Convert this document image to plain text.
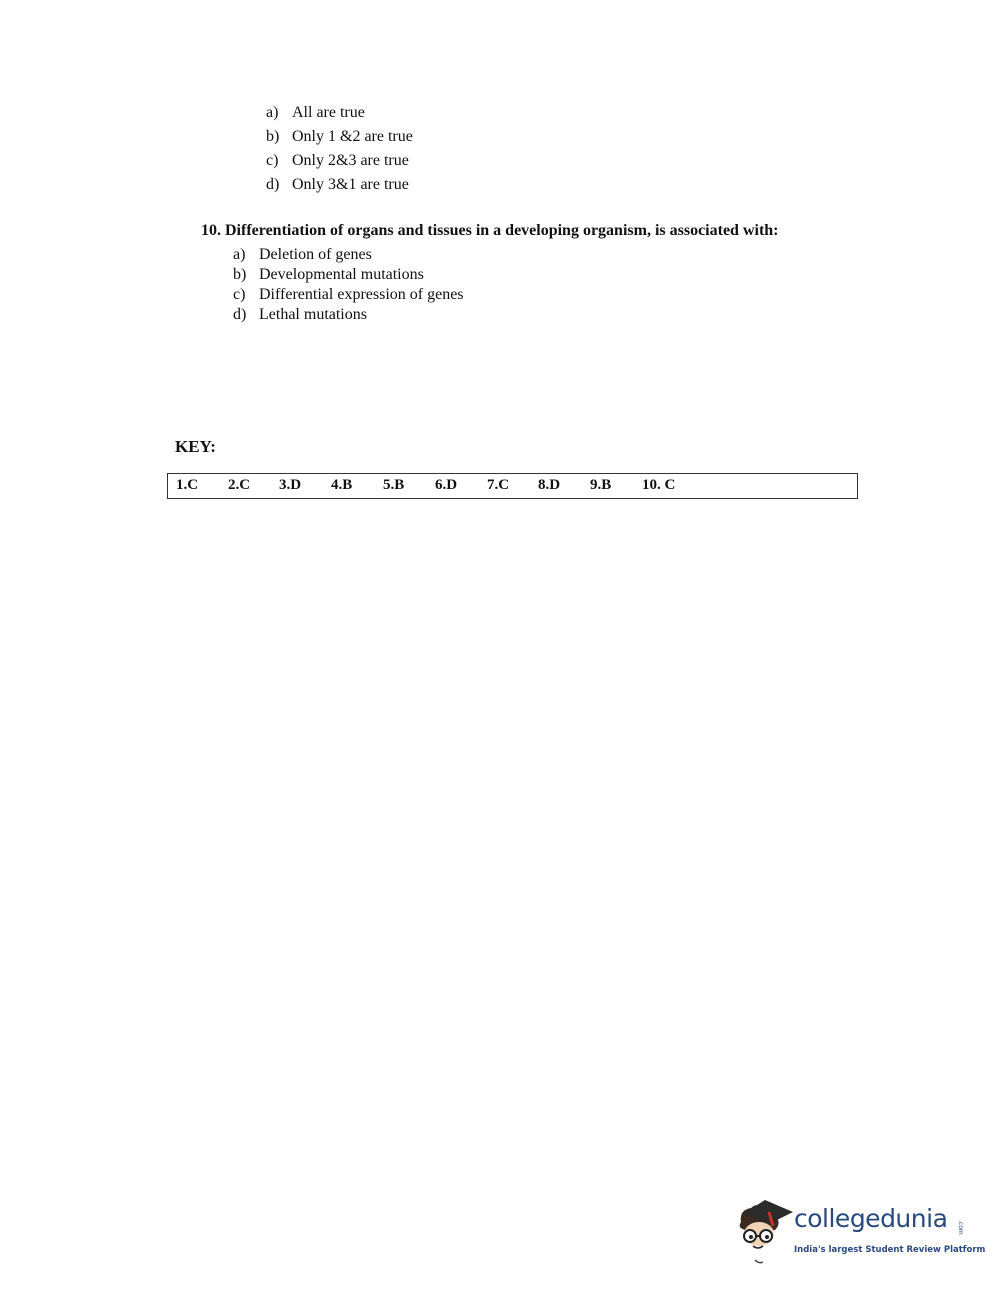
a) All are true
b) Only 1 &2 are true
c) Only 2&3 are true
d) Only 3&1 are true
10. Differentiation of organs and tissues in a developing organism, is associated with:
a) Deletion of genes
b) Developmental mutations
c) Differential expression of genes
d) Lethal mutations
KEY:
1.C 2.C 3.D 4.B 5.B 6.D 7.C 8.D 9.B 10. C
collegedunia .com
India's largest Student Review Platform
